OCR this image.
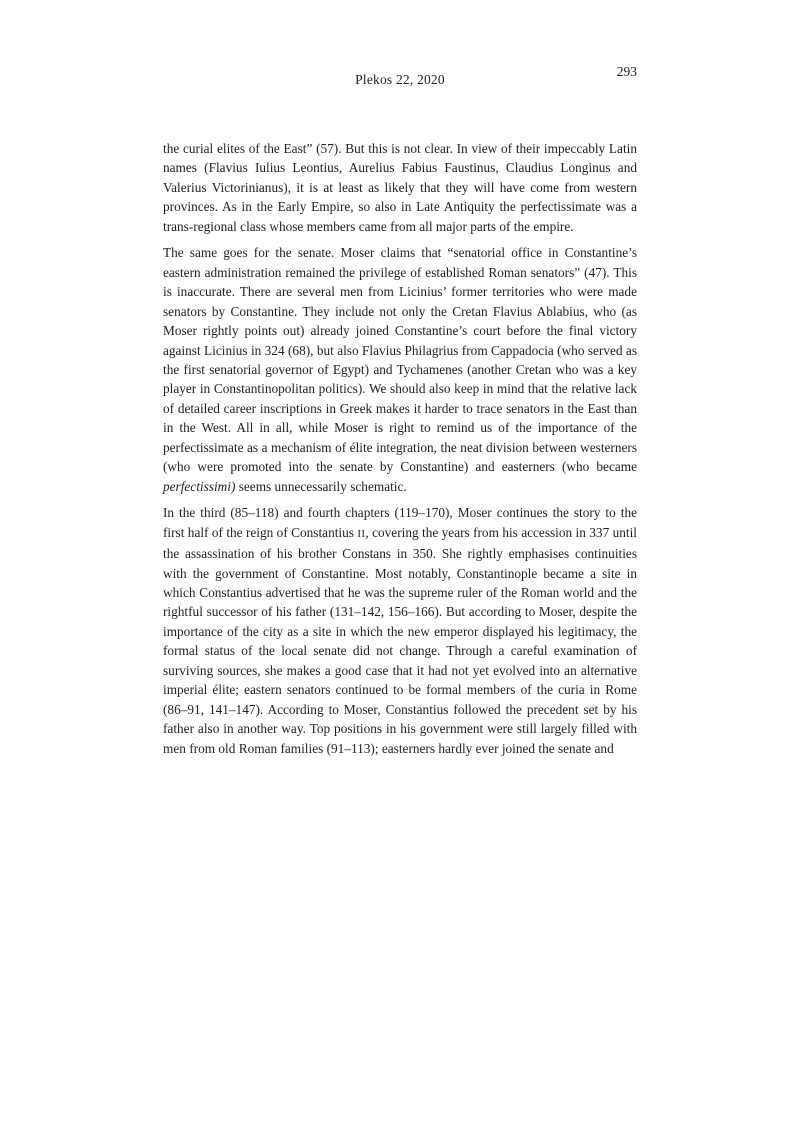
Plekos 22, 2020
293

the curial elites of the East” (57). But this is not clear. In view of their impeccably Latin names (Flavius Iulius Leontius, Aurelius Fabius Faustinus, Claudius Longinus and Valerius Victorinianus), it is at least as likely that they will have come from western provinces. As in the Early Empire, so also in Late Antiquity the perfectissimate was a trans-regional class whose members came from all major parts of the empire.

The same goes for the senate. Moser claims that “senatorial office in Constantine’s eastern administration remained the privilege of established Roman senators” (47). This is inaccurate. There are several men from Licinius’ former territories who were made senators by Constantine. They include not only the Cretan Flavius Ablabius, who (as Moser rightly points out) already joined Constantine’s court before the final victory against Licinius in 324 (68), but also Flavius Philagrius from Cappadocia (who served as the first senatorial governor of Egypt) and Tychamenes (another Cretan who was a key player in Constantinopolitan politics). We should also keep in mind that the relative lack of detailed career inscriptions in Greek makes it harder to trace senators in the East than in the West. All in all, while Moser is right to remind us of the importance of the perfectissimate as a mechanism of élite integration, the neat division between westerners (who were promoted into the senate by Constantine) and easterners (who became perfectissimi) seems unnecessarily schematic.

In the third (85–118) and fourth chapters (119–170), Moser continues the story to the first half of the reign of Constantius II, covering the years from his accession in 337 until the assassination of his brother Constans in 350. She rightly emphasises continuities with the government of Constantine. Most notably, Constantinople became a site in which Constantius advertised that he was the supreme ruler of the Roman world and the rightful successor of his father (131–142, 156–166). But according to Moser, despite the importance of the city as a site in which the new emperor displayed his legitimacy, the formal status of the local senate did not change. Through a careful examination of surviving sources, she makes a good case that it had not yet evolved into an alternative imperial élite; eastern senators continued to be formal members of the curia in Rome (86–91, 141–147). According to Moser, Constantius followed the precedent set by his father also in another way. Top positions in his government were still largely filled with men from old Roman families (91–113); easterners hardly ever joined the senate and
